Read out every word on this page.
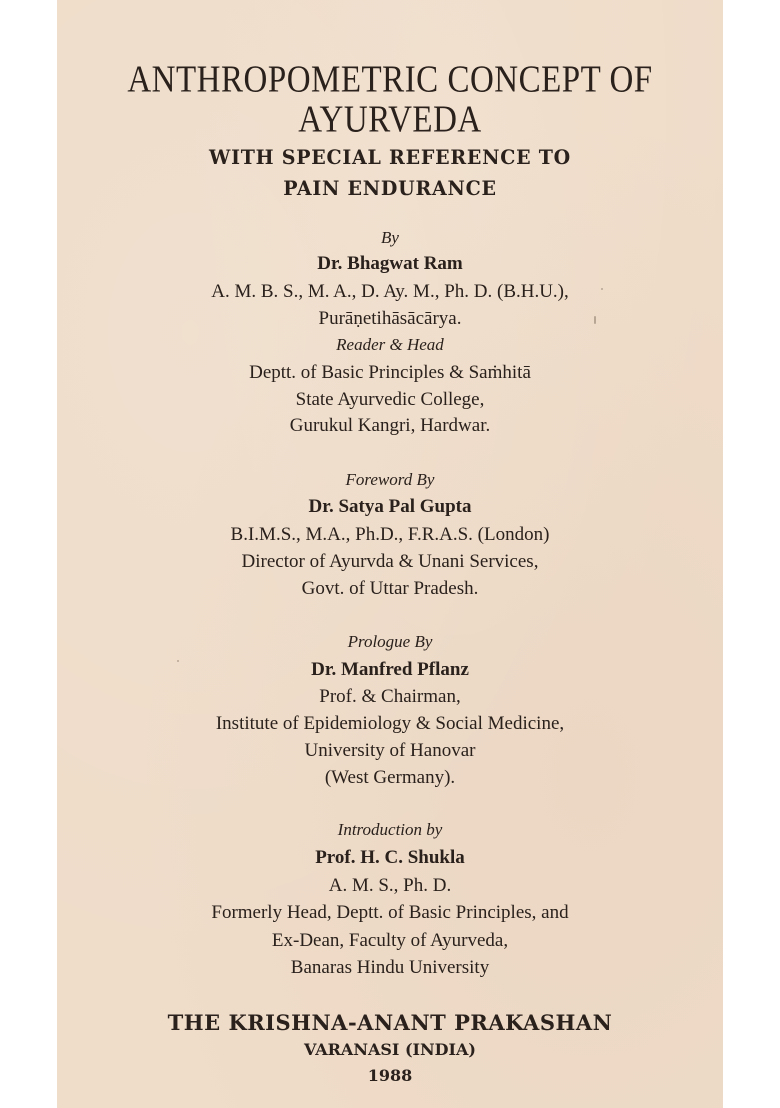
ANTHROPOMETRIC CONCEPT OF
AYURVEDA
WITH SPECIAL REFERENCE TO
PAIN ENDURANCE
By
Dr. Bhagwat Ram
A. M. B. S., M. A., D. Ay. M., Ph. D. (B.H.U.),
Purāṇetihāsācārya.
Reader & Head
Deptt. of Basic Principles & Saṁhitā
State Ayurvedic College,
Gurukul Kangri, Hardwar.
Foreword By
Dr. Satya Pal Gupta
B.I.M.S., M.A., Ph.D., F.R.A.S. (London)
Director of Ayurvda & Unani Services,
Govt. of Uttar Pradesh.
Prologue By
Dr. Manfred Pflanz
Prof. & Chairman,
Institute of Epidemiology & Social Medicine,
University of Hanovar
(West Germany).
Introduction by
Prof. H. C. Shukla
A. M. S., Ph. D.
Formerly Head, Deptt. of Basic Principles, and
Ex-Dean, Faculty of Ayurveda,
Banaras Hindu University
THE KRISHNA-ANANT PRAKASHAN
VARANASI (INDIA)
1988
